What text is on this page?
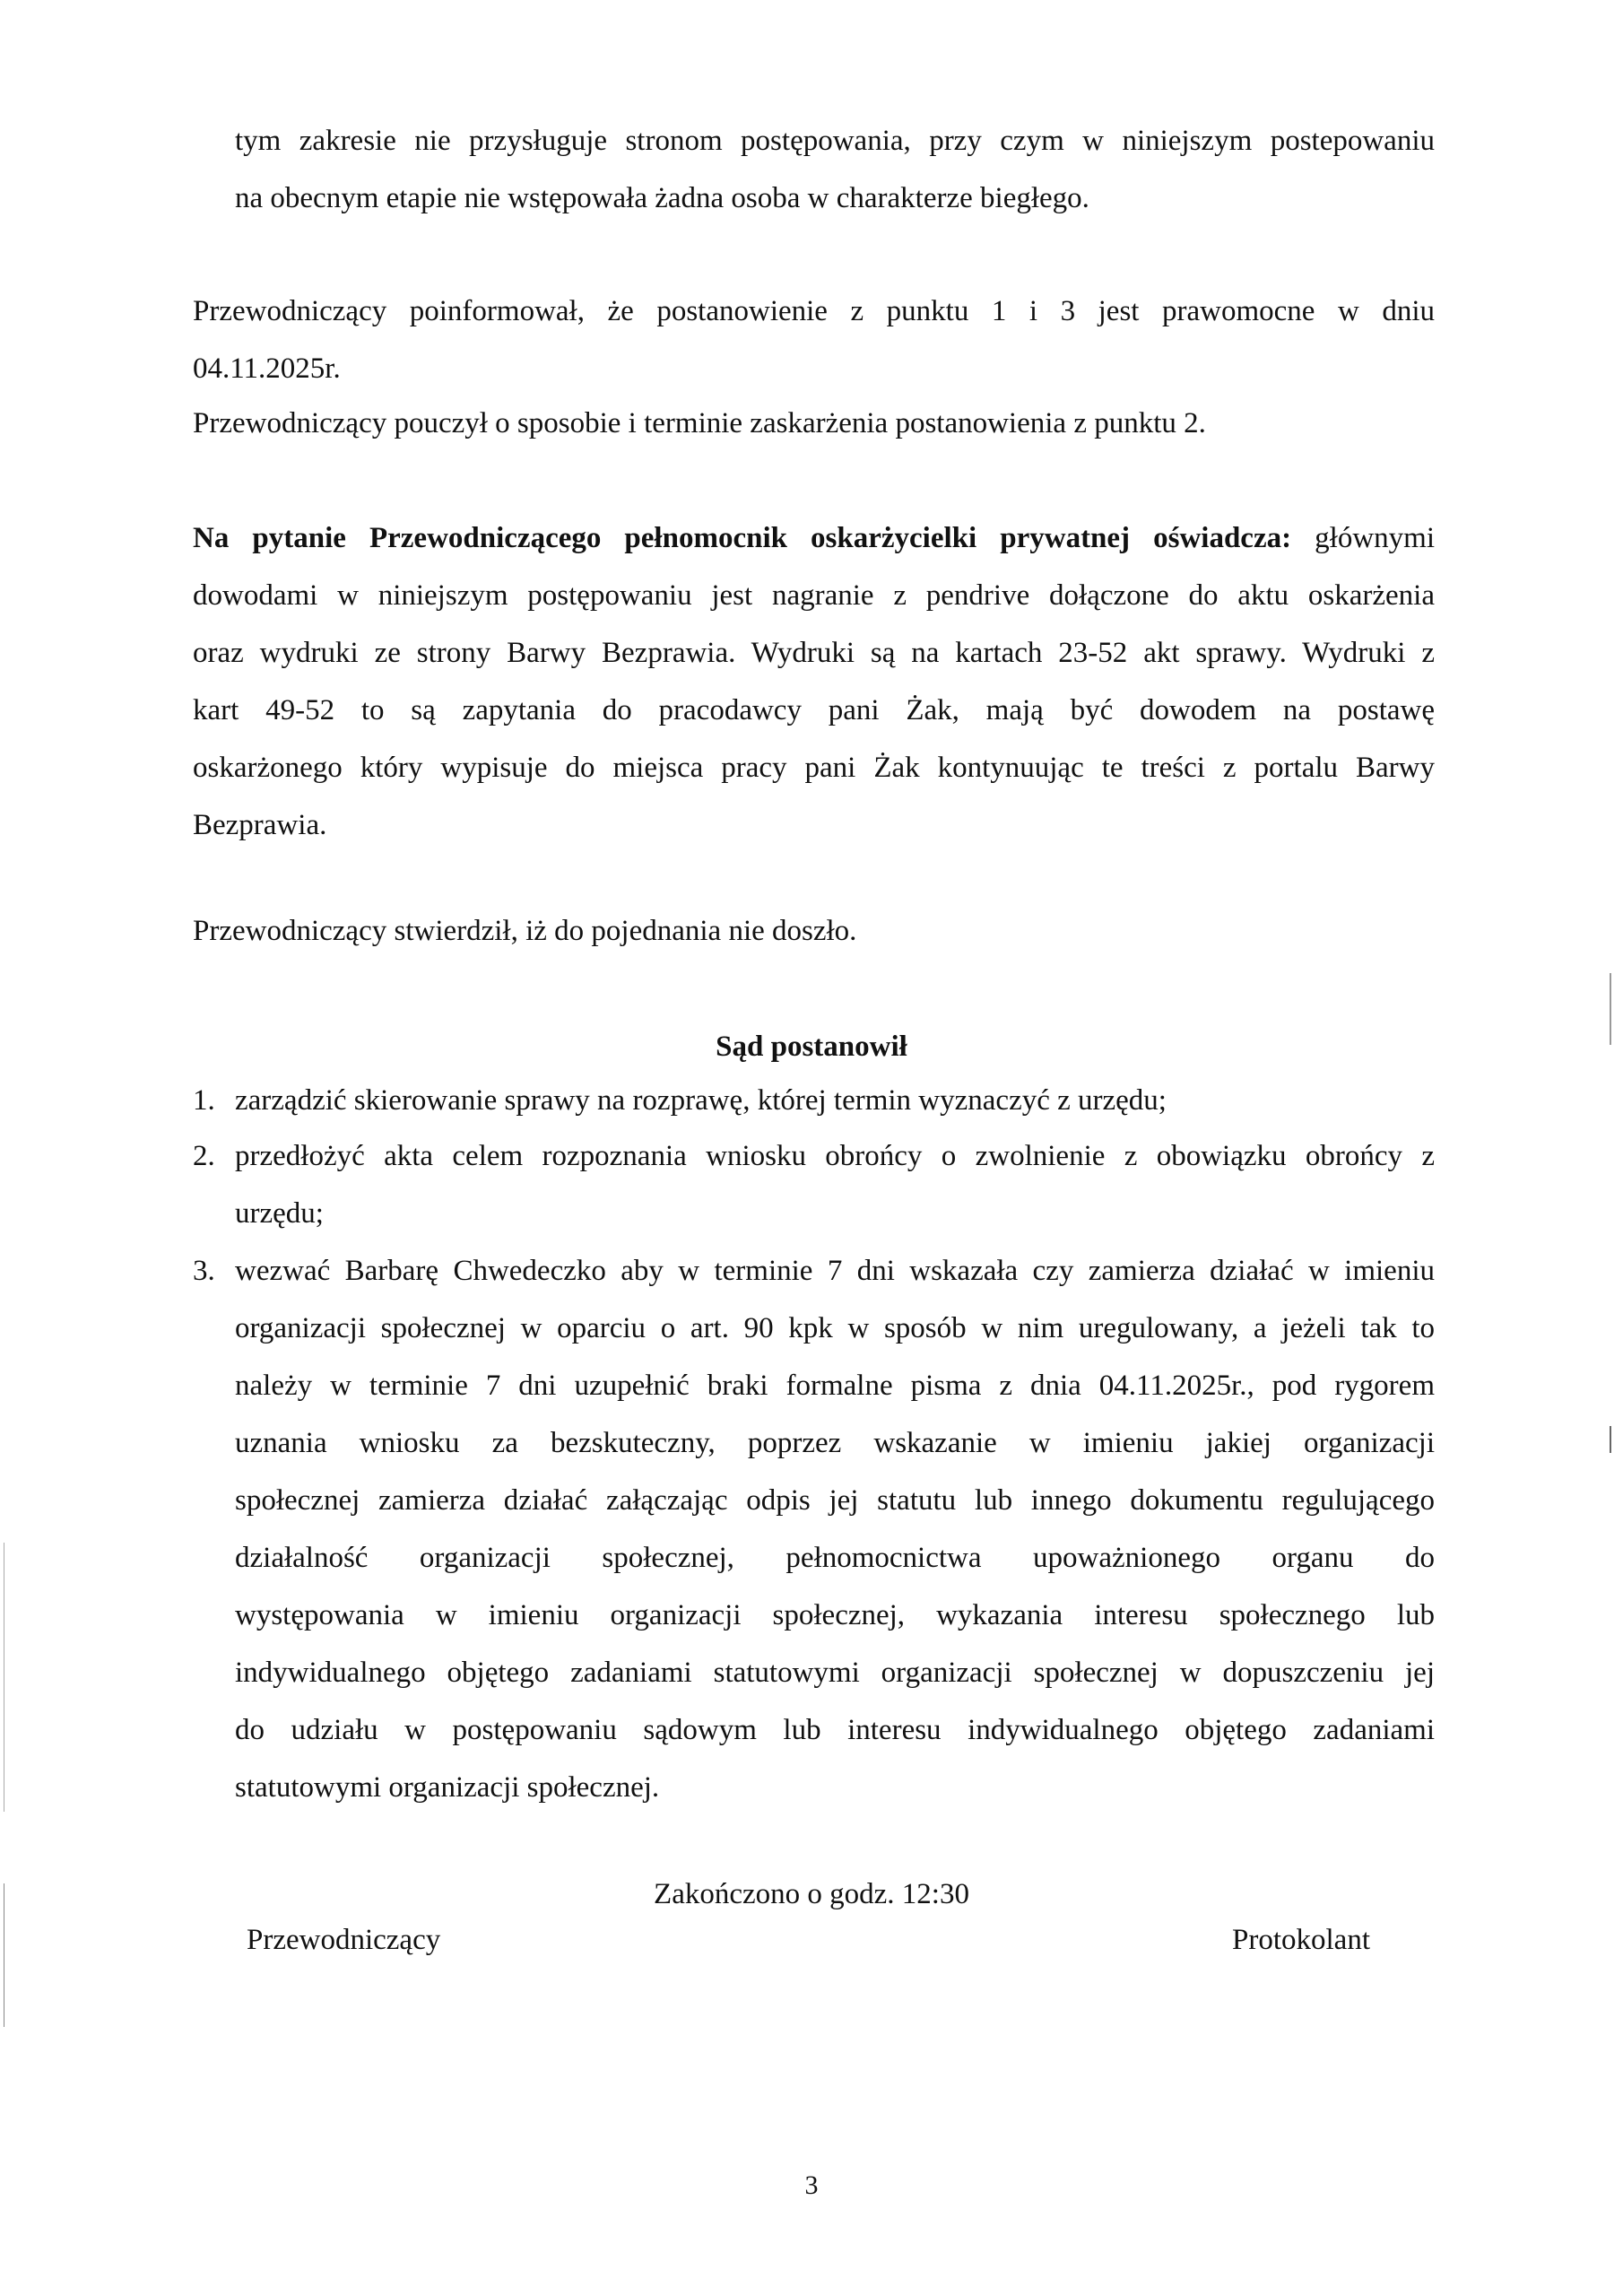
tym zakresie nie przysługuje stronom postępowania, przy czym w niniejszym postepowaniu
na obecnym etapie nie wstępowała żadna osoba w charakterze biegłego.
Przewodniczący poinformował, że postanowienie z punktu 1 i 3 jest prawomocne w dniu
04.11.2025r.
Przewodniczący pouczył o sposobie i terminie zaskarżenia postanowienia z punktu 2.
Na pytanie Przewodniczącego pełnomocnik oskarżycielki prywatnej oświadcza: głównymi
dowodami w niniejszym postępowaniu jest nagranie z pendrive dołączone do aktu oskarżenia
oraz wydruki ze strony Barwy Bezprawia. Wydruki są na kartach 23-52 akt sprawy. Wydruki z
kart 49-52 to są zapytania do pracodawcy pani Żak, mają być dowodem na postawę
oskarżonego który wypisuje do miejsca pracy pani Żak kontynuując te treści z portalu Barwy
Bezprawia.
Przewodniczący stwierdził, iż do pojednania nie doszło.
Sąd postanowił
1. zarządzić skierowanie sprawy na rozprawę, której termin wyznaczyć z urzędu;
2. przedłożyć akta celem rozpoznania wniosku obrońcy o zwolnienie z obowiązku obrońcy z
urzędu;
3. wezwać Barbarę Chwedeczko aby w terminie 7 dni wskazała czy zamierza działać w imieniu
organizacji społecznej w oparciu o art. 90 kpk w sposób w nim uregulowany, a jeżeli tak to
należy w terminie 7 dni uzupełnić braki formalne pisma z dnia 04.11.2025r., pod rygorem
uznania wniosku za bezskuteczny, poprzez wskazanie w imieniu jakiej organizacji
społecznej zamierza działać załączając odpis jej statutu lub innego dokumentu regulującego
działalność organizacji społecznej, pełnomocnictwa upoważnionego organu do
występowania w imieniu organizacji społecznej, wykazania interesu społecznego lub
indywidualnego objętego zadaniami statutowymi organizacji społecznej w dopuszczeniu jej
do udziału w postępowaniu sądowym lub interesu indywidualnego objętego zadaniami
statutowymi organizacji społecznej.
Zakończono o godz. 12:30
Przewodniczący	Protokolant
3
